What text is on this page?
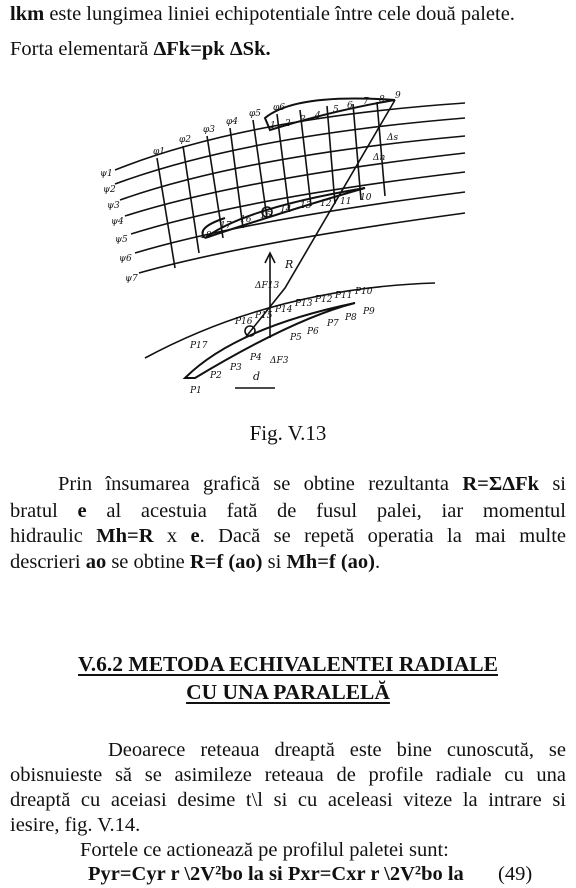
lkm este lungimea liniei echipotentiale între cele două palete.
Forta elementară ΔFk=pk ΔSk.
ψ1
ψ2
ψ3
ψ4
ψ5
ψ6
ψ7
φ1
φ2
φ3
φ4
φ5
φ6
1 2 3 4
5 6 7 8 9
10
11
12
13
14
15
16
17
18
Δs
Δn
R
ΔF13
ΔF3
d
P16
P15
P14
P13 P12 P11 P10
P9
P8
P7
P6
P5
P17
P1
P2
P3
P4
Fig. V.13
Prin însumarea grafică se obtine rezultanta R=ΣΔFk si
bratul e al acestuia fată de fusul palei, iar momentul
hidraulic Mh=R x e. Dacă se repetă operatia la mai multe
descrieri ao se obtine R=f (ao) si Mh=f (ao).
V.6.2 METODA ECHIVALENTEI RADIALE
CU UNA PARALELĂ
Deoarece reteaua dreaptă este bine cunoscută, se
obisnuieste să se asimileze reteaua de profile radiale cu una
dreaptă cu aceiasi desime t\l si cu aceleasi viteze la intrare si
iesire, fig. V.14.
Fortele ce actionează pe profilul paletei sunt:
Pyr=Cyr r \2V²bo la si Pxr=Cxr r \2V²bo la (49)
